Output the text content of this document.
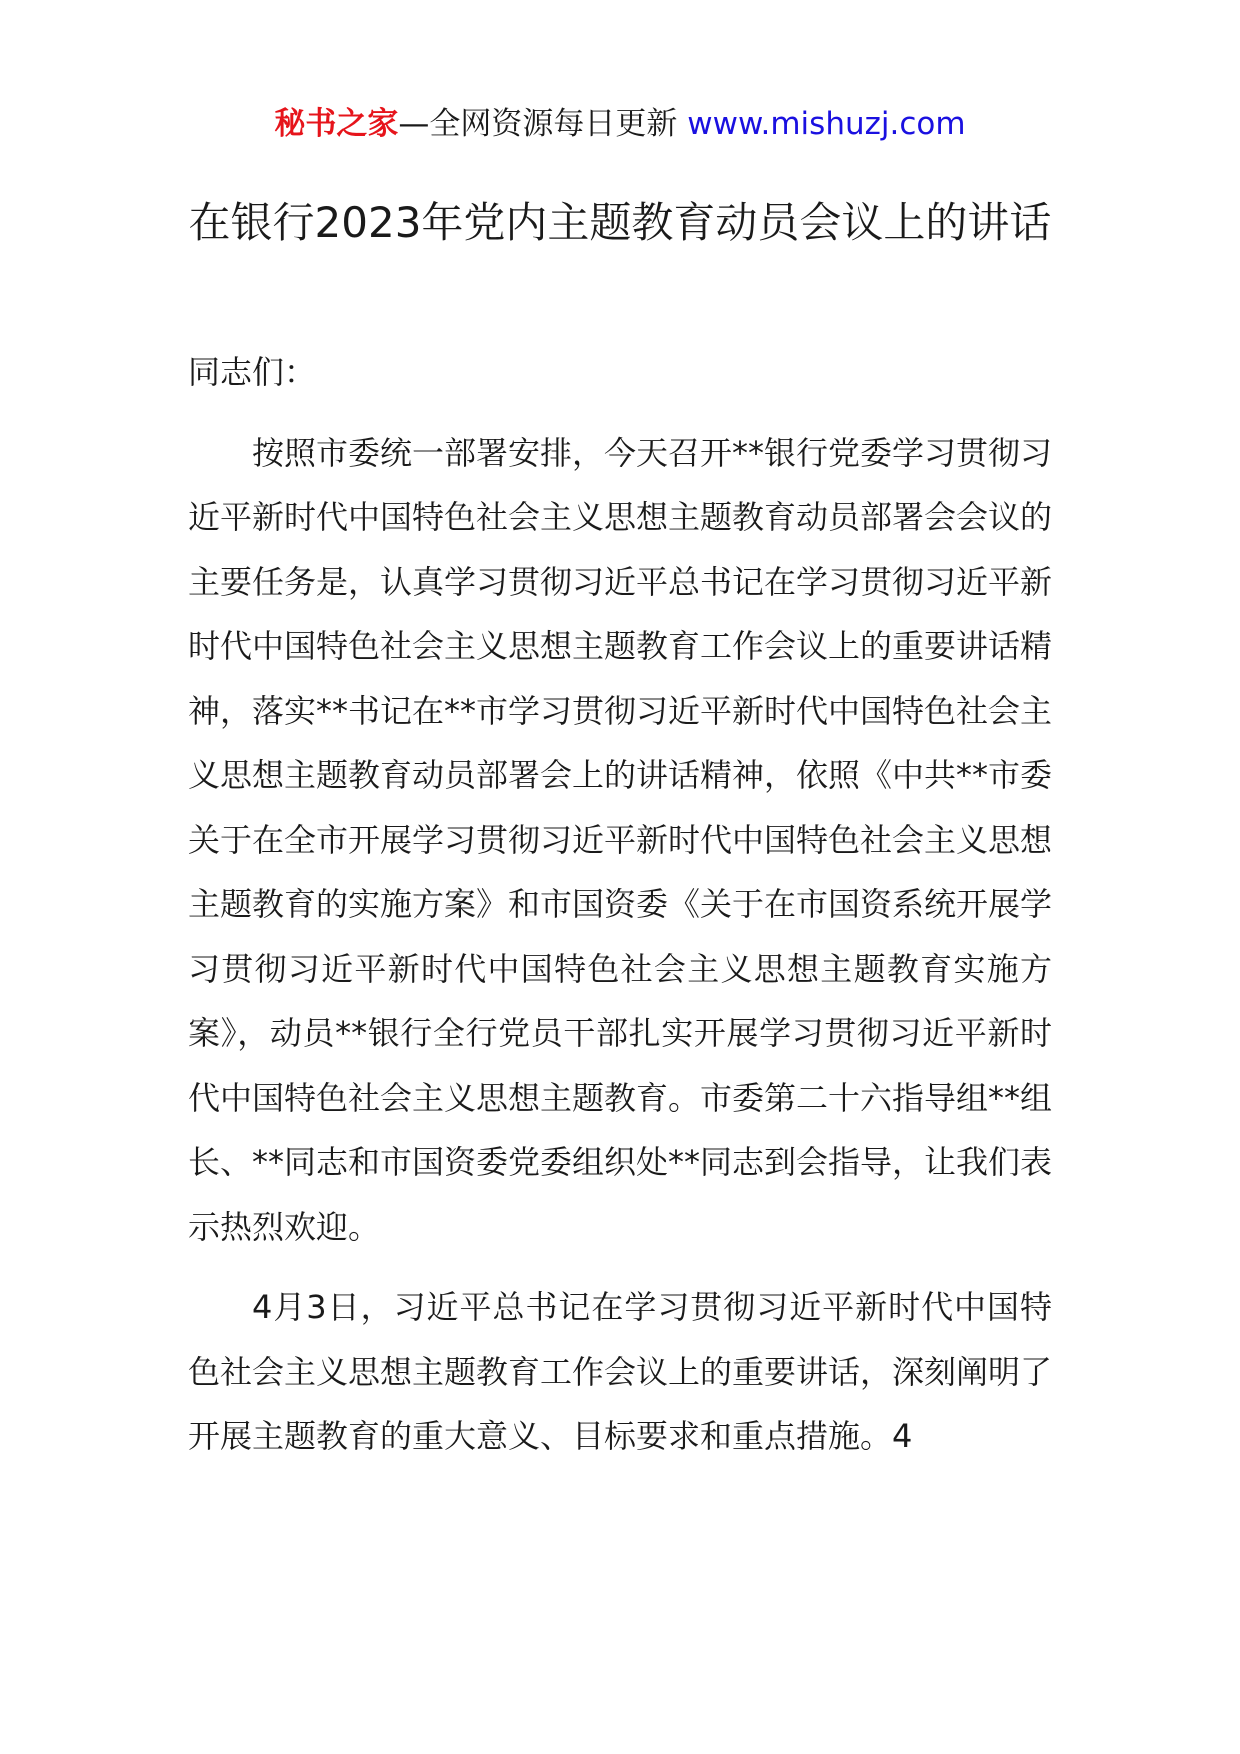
秘书之家—全网资源每日更新 www.mishuzj.com
在银行2023年党内主题教育动员会议上的讲话

同志们：

按照市委统一部署安排，今天召开**银行党委学习贯彻习近平新时代中国特色社会主义思想主题教育动员部署会会议的主要任务是，认真学习贯彻习近平总书记在学习贯彻习近平新时代中国特色社会主义思想主题教育工作会议上的重要讲话精神，落实**书记在**市学习贯彻习近平新时代中国特色社会主义思想主题教育动员部署会上的讲话精神，依照《中共**市委关于在全市开展学习贯彻习近平新时代中国特色社会主义思想主题教育的实施方案》和市国资委《关于在市国资系统开展学习贯彻习近平新时代中国特色社会主义思想主题教育实施方案》，动员**银行全行党员干部扎实开展学习贯彻习近平新时代中国特色社会主义思想主题教育。市委第二十六指导组**组长、**同志和市国资委党委组织处**同志到会指导，让我们表示热烈欢迎。

4月3日，习近平总书记在学习贯彻习近平新时代中国特色社会主义思想主题教育工作会议上的重要讲话，深刻阐明了开展主题教育的重大意义、目标要求和重点措施。4
